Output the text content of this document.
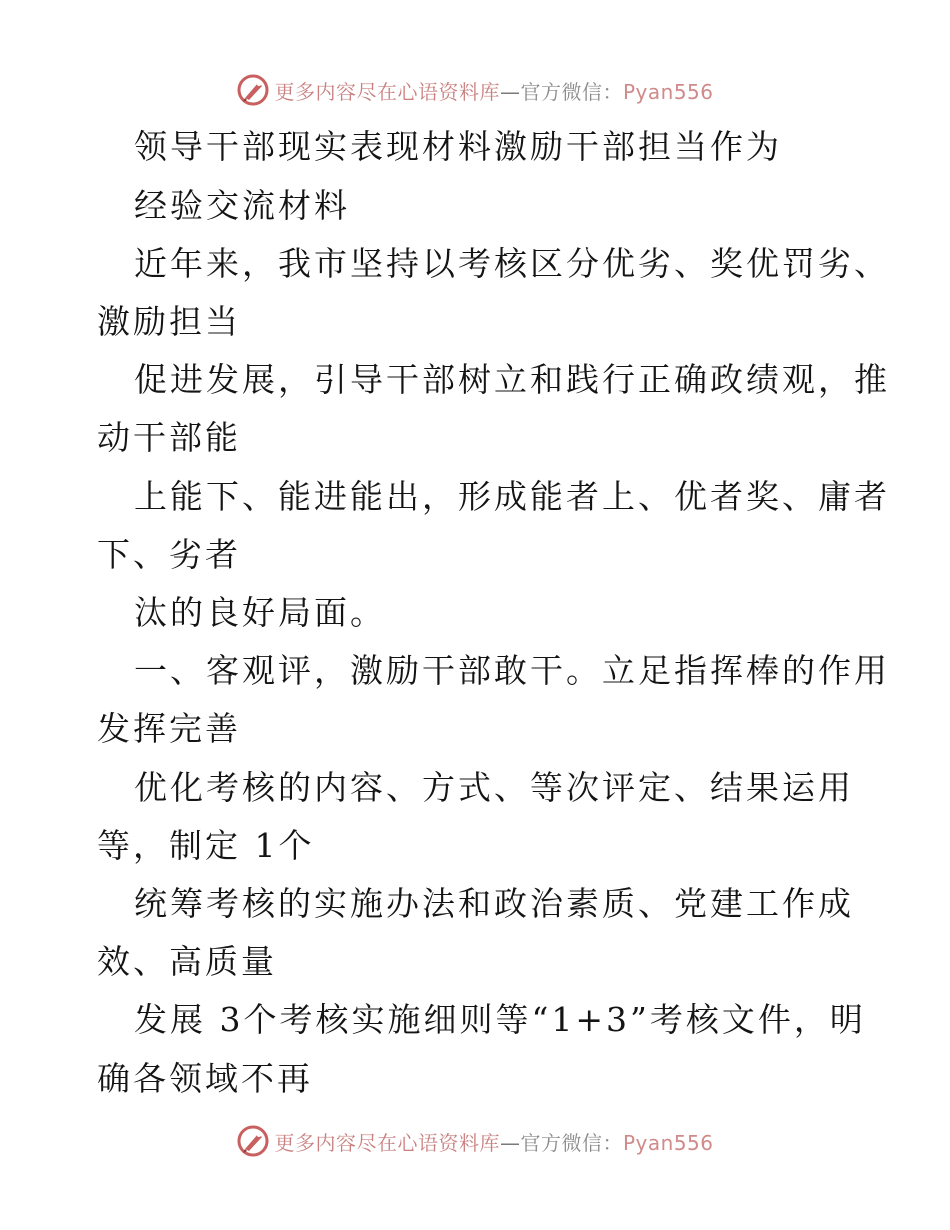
更多内容尽在心语资料库—官方微信：Pyan556
领导干部现实表现材料激励干部担当作为
经验交流材料
近年来，我市坚持以考核区分优劣、奖优罚劣、
激励担当
促进发展，引导干部树立和践行正确政绩观，推
动干部能
上能下、能进能出，形成能者上、优者奖、庸者
下、劣者
汰的良好局面。
一、客观评，激励干部敢干。立足指挥棒的作用
发挥完善
优化考核的内容、方式、等次评定、结果运用
等，制定 1个
统筹考核的实施办法和政治素质、党建工作成
效、高质量
发展 3个考核实施细则等“1+3”考核文件，明
确各领域不再
更多内容尽在心语资料库—官方微信：Pyan556
